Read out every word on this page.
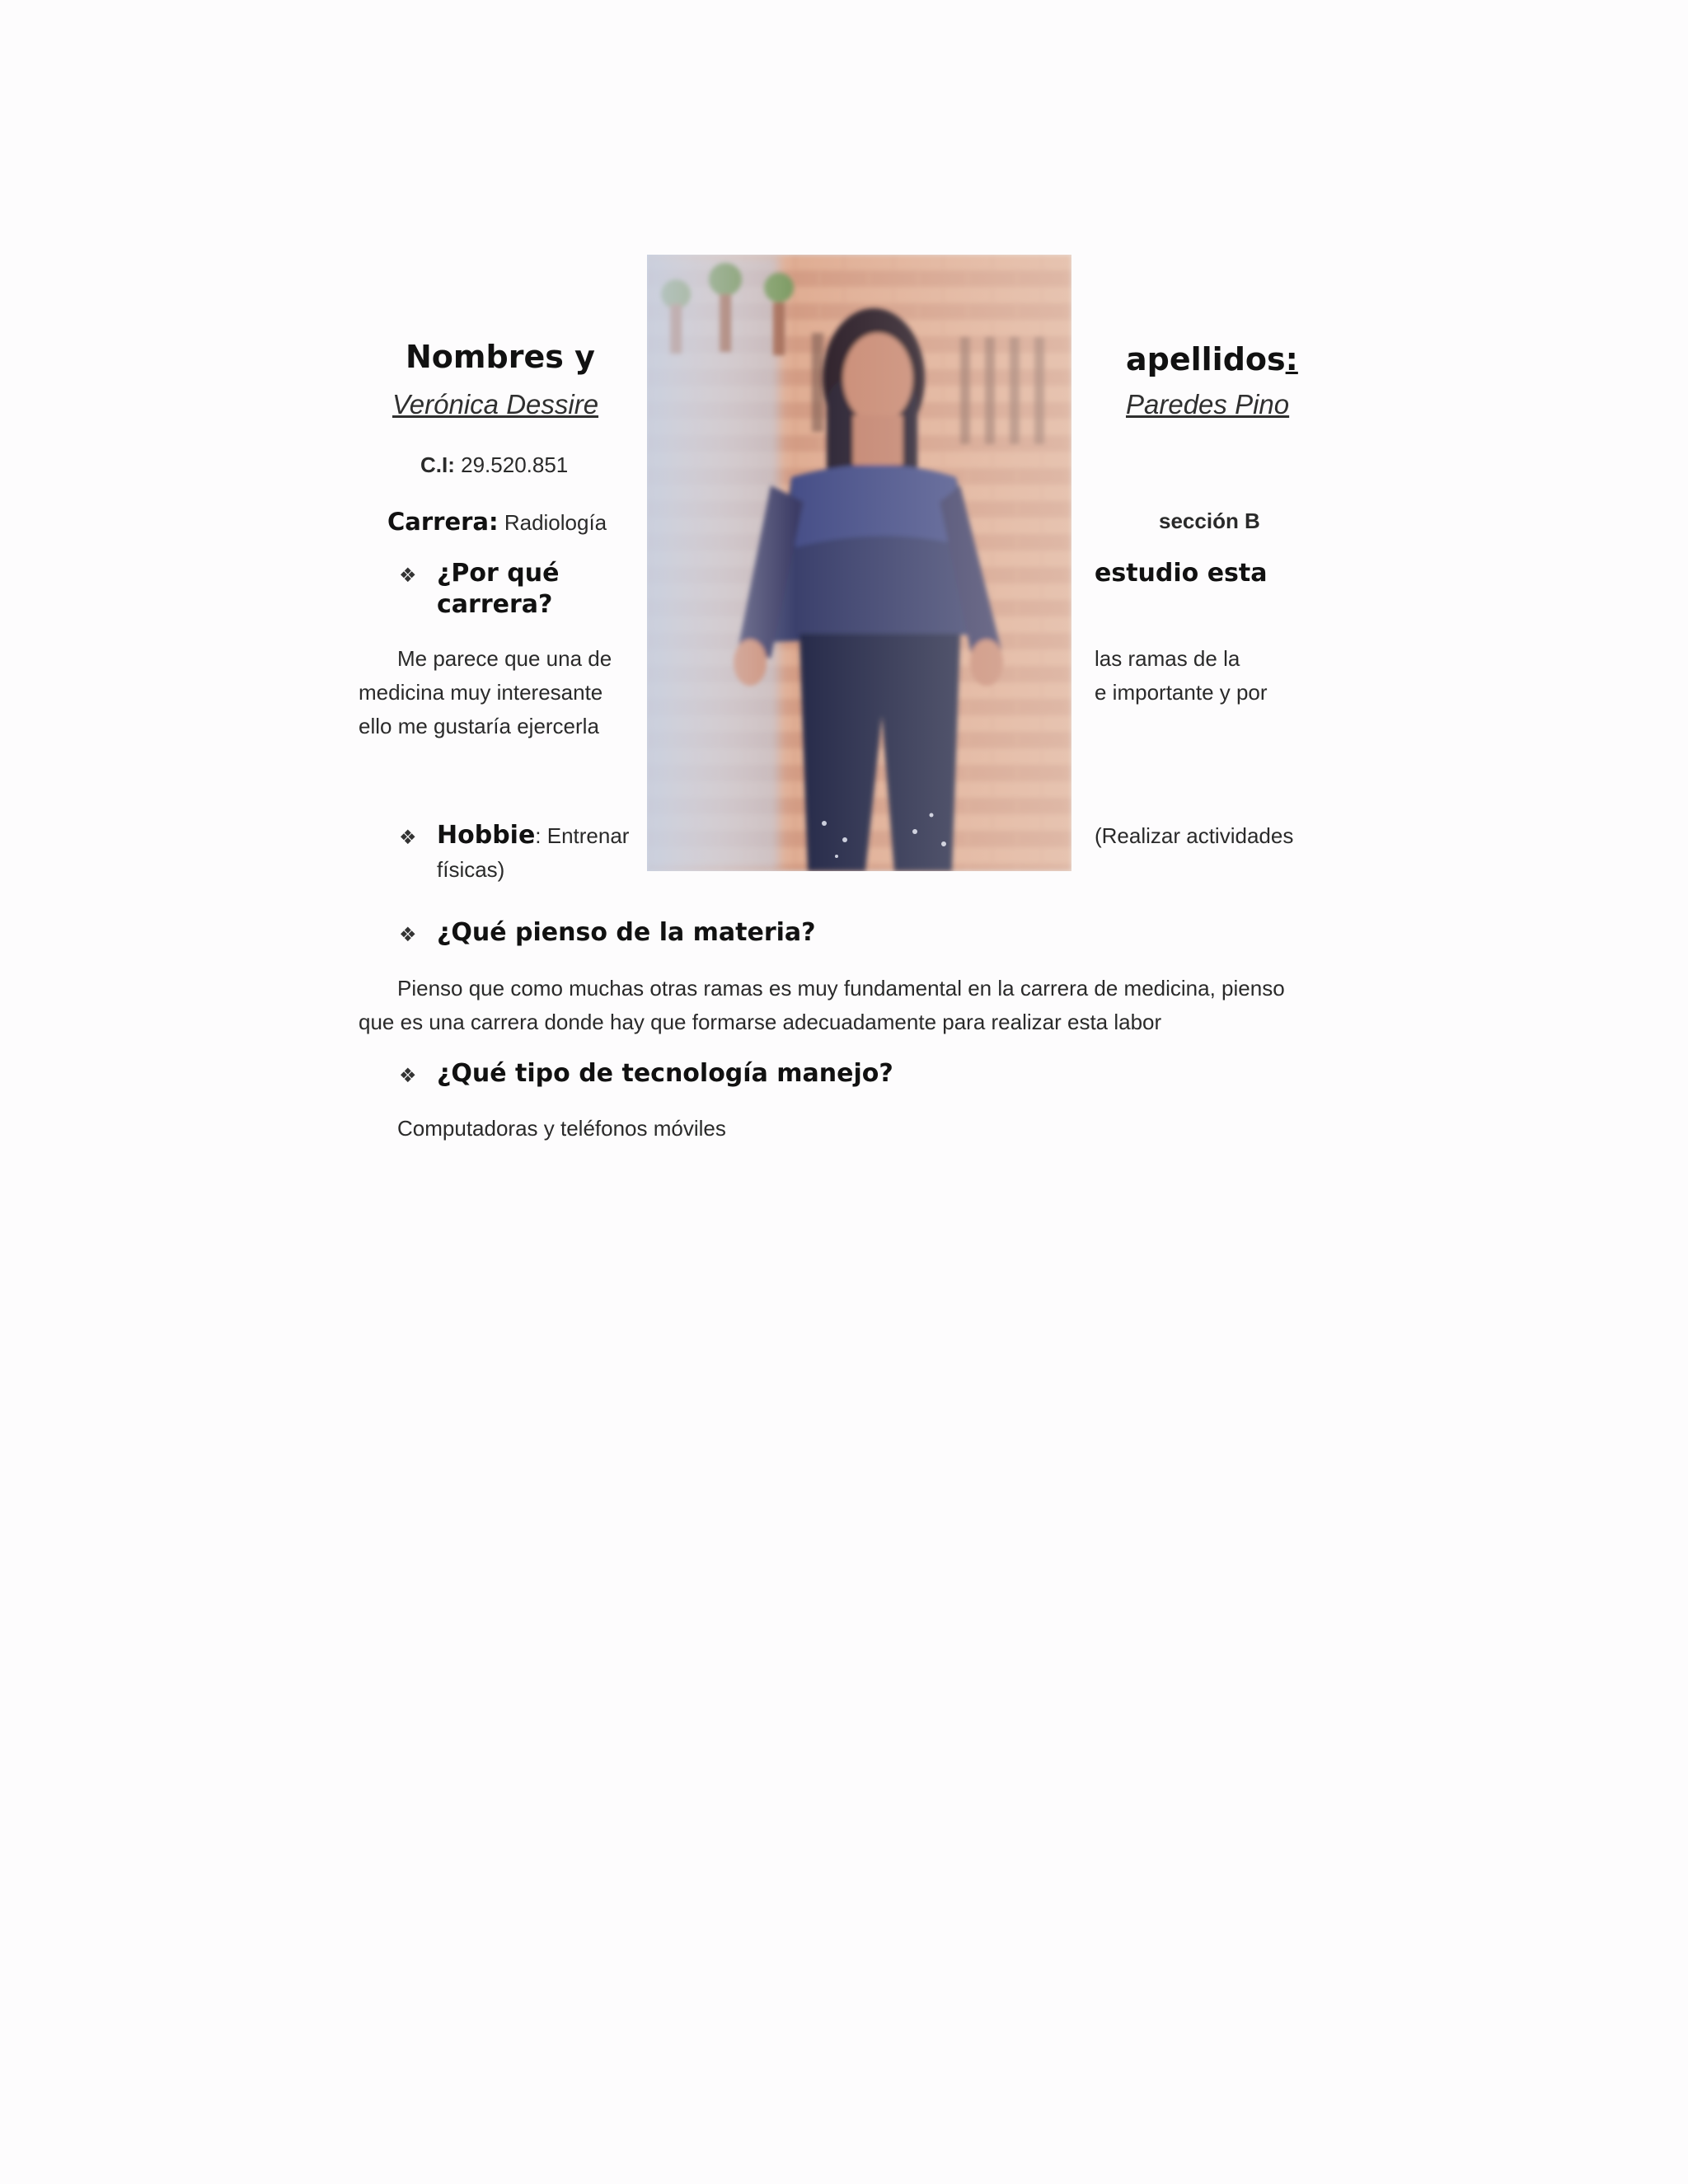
Nombres y	apellidos:

Verónica Dessire	Paredes Pino

C.I: 29.520.851

Carrera: Radiología	sección B

❖ ¿Por qué

carrera?

estudio esta

Me parece que una de

medicina muy interesante

ello me gustaría ejercerla

las ramas de la

e importante y por

❖ Hobbie: Entrenar	(Realizar actividades

físicas)

❖ ¿Qué pienso de la materia?

Pienso que como muchas otras ramas es muy fundamental en la carrera de medicina, pienso

que es una carrera donde hay que formarse adecuadamente para realizar esta labor

❖ ¿Qué tipo de tecnología manejo?

Computadoras y teléfonos móviles
